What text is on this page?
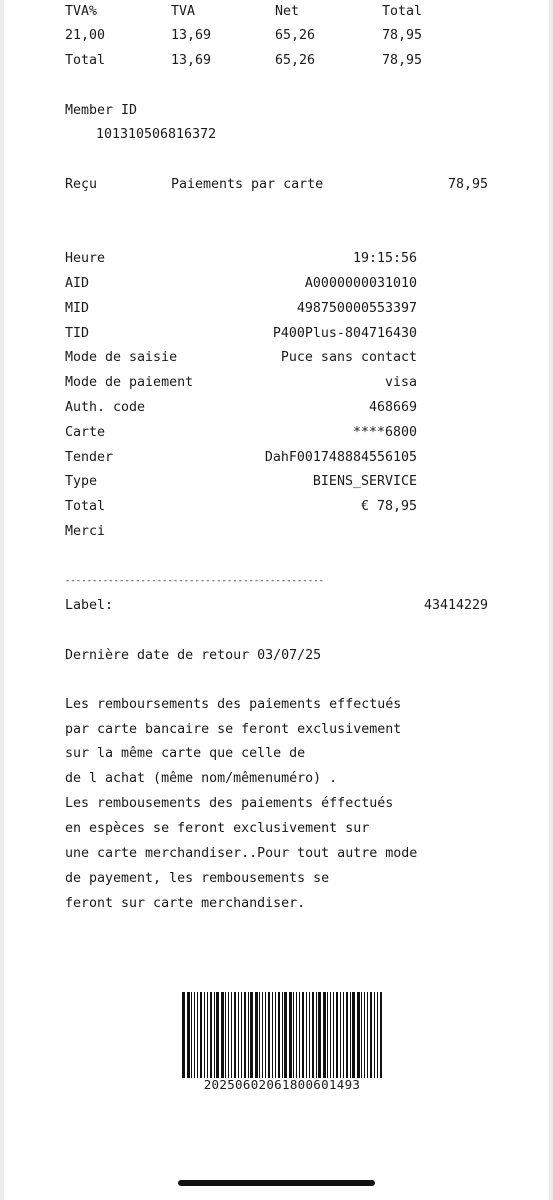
TVA%	TVA	Net	Total
21,00	13,69	65,26	78,95
Total	13,69	65,26	78,95
Member ID
101310506816372
Reçu	Paiements par carte	78,95
Heure	19:15:56
AID	A0000000031010
MID	498750000553397
TID	P400Plus-804716430
Mode de saisie	Puce sans contact
Mode de paiement	visa
Auth. code	468669
Carte	****6800
Tender	DahF001748884556105
Type	BIENS_SERVICE
Total	€ 78,95
Merci
------------------------------------------------
Label:	43414229
Dernière date de retour 03/07/25
Les remboursements des paiements effectués
par carte bancaire se feront exclusivement
sur la même carte que celle de
de l achat (même nom/mêmenuméro) .
Les rembousements des paiements éffectués
en espèces se feront exclusivement sur
une carte merchandiser..Pour tout autre mode
de payement, les rembousements se
feront sur carte merchandiser.
20250602061800601493
